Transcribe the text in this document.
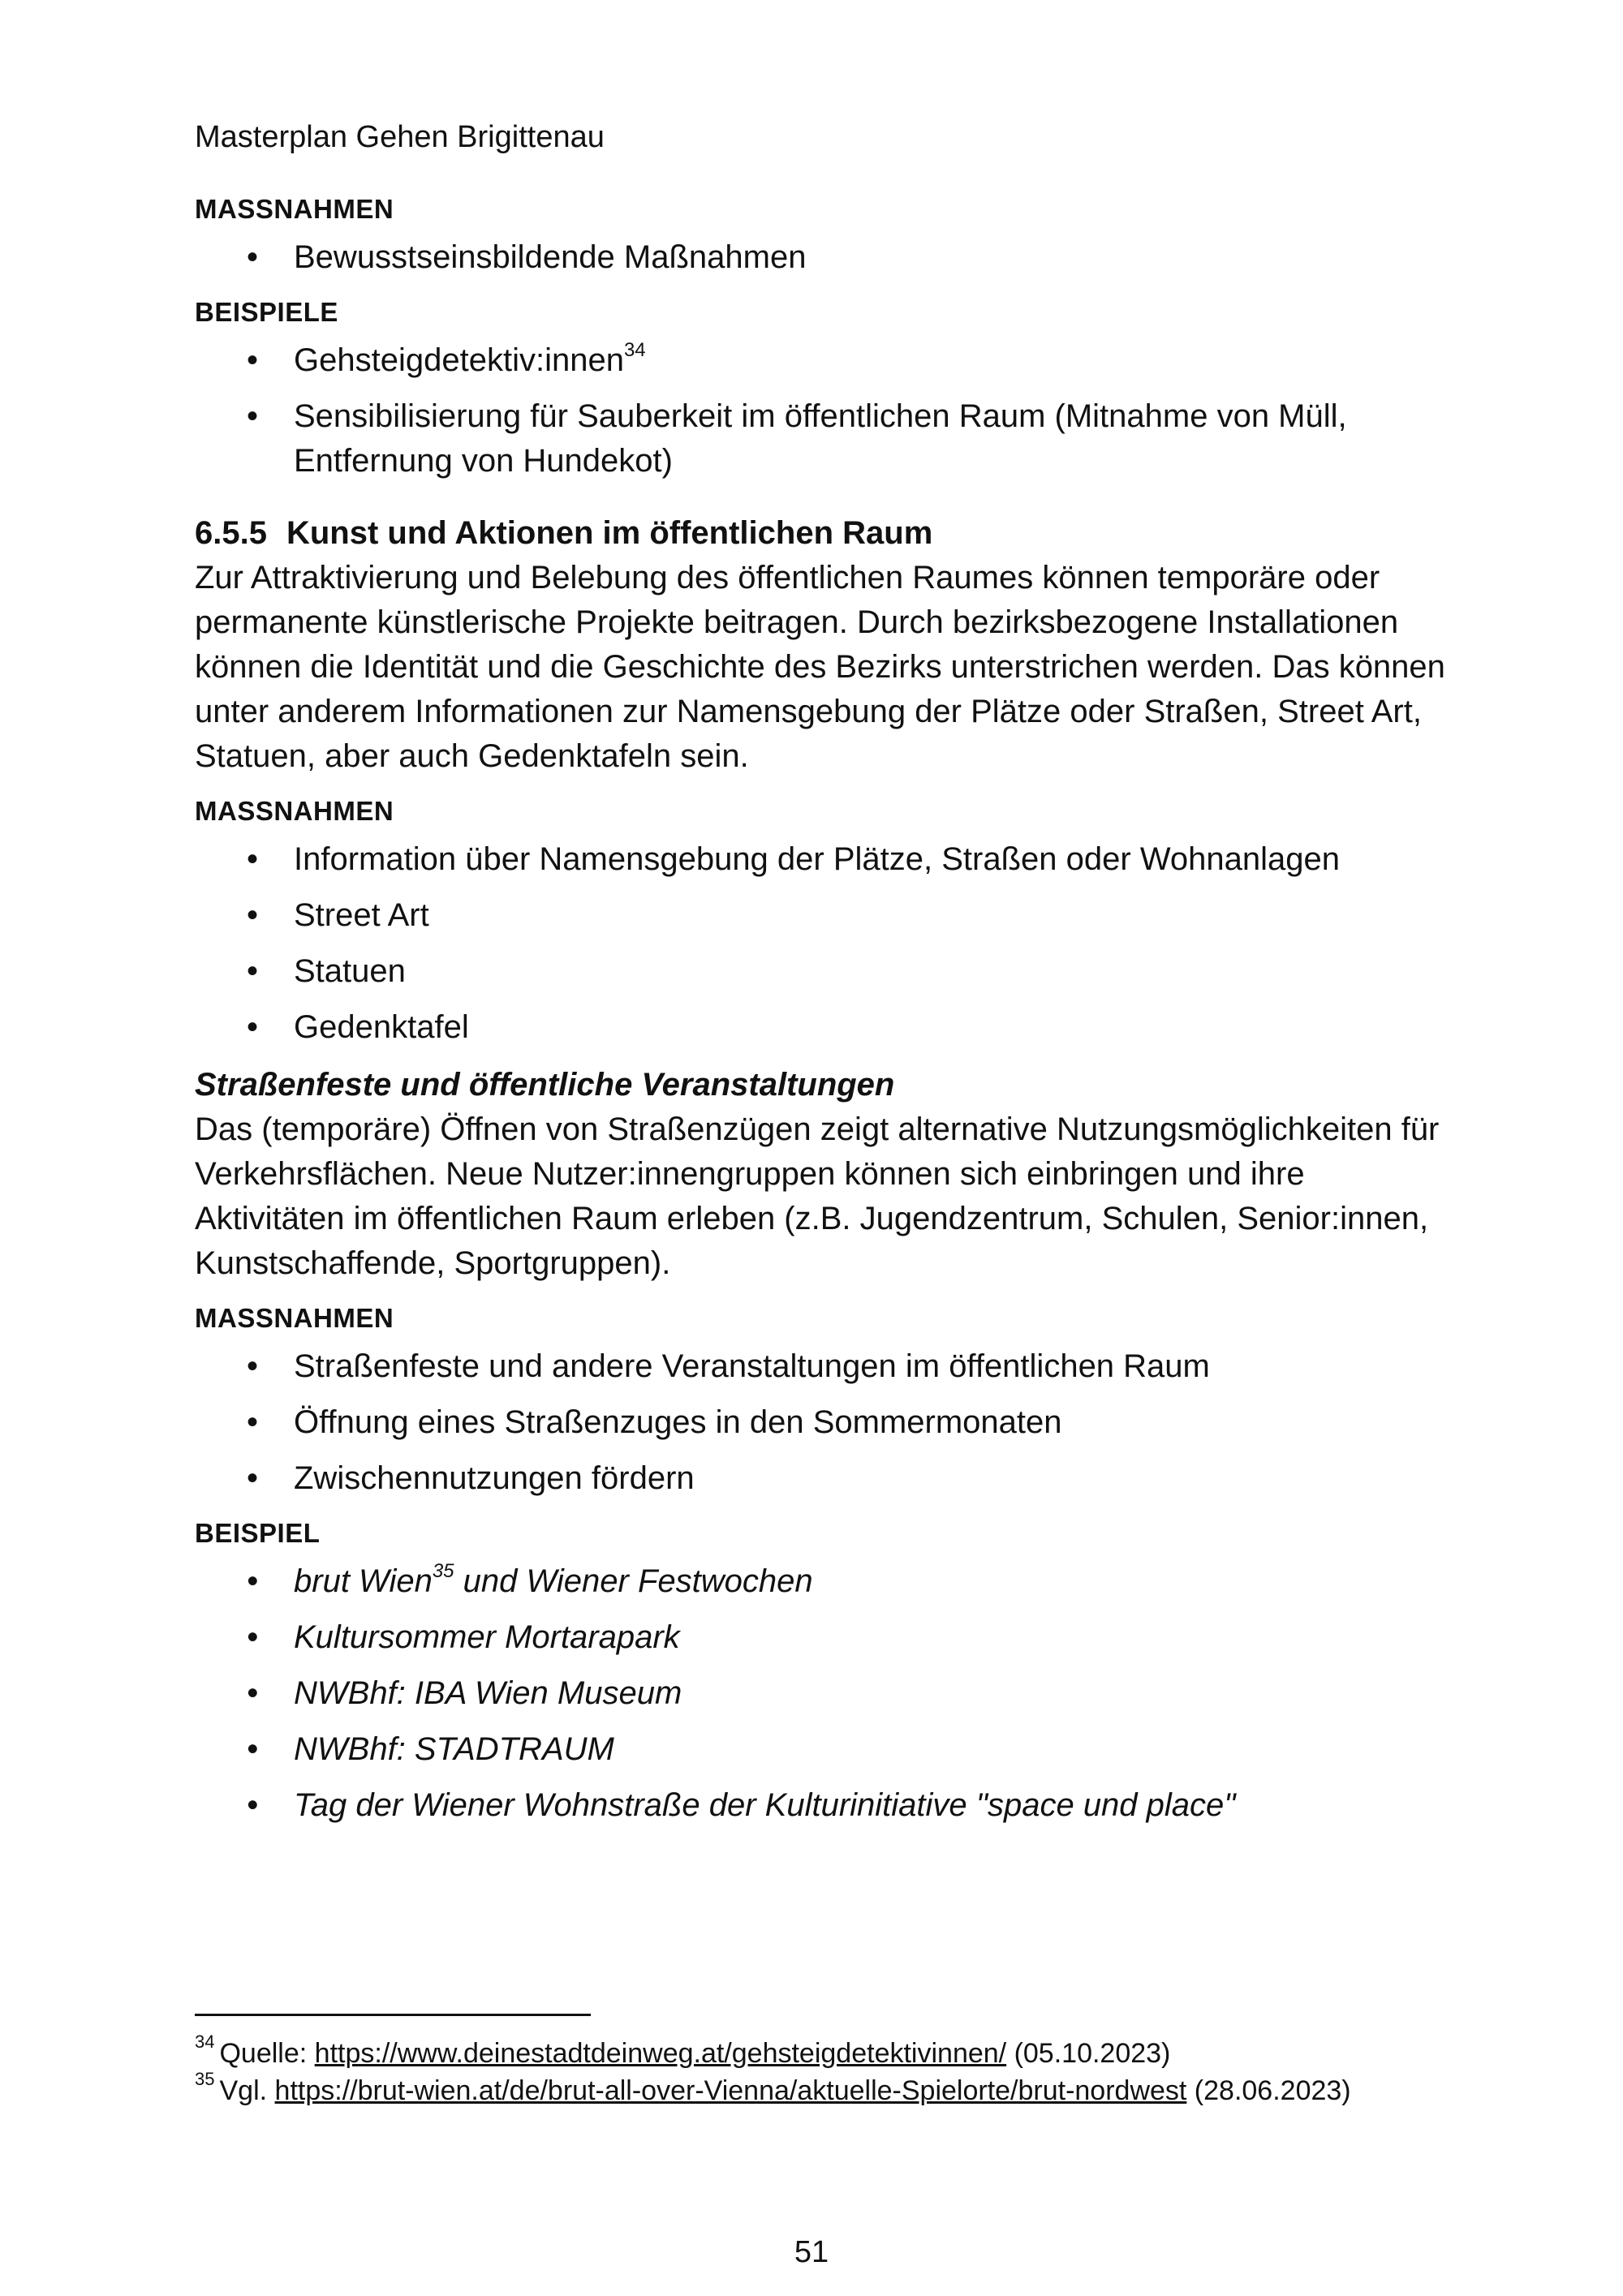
Masterplan Gehen Brigittenau
MASSNAHMEN
• Bewusstseinsbildende Maßnahmen
BEISPIELE
• Gehsteigdetektiv:innen$^{34}$
• Sensibilisierung für Sauberkeit im öffentlichen Raum (Mitnahme von Müll, Entfernung von Hundekot)
6.5.5 Kunst und Aktionen im öffentlichen Raum

Zur Attraktivierung und Belebung des öffentlichen Raumes können temporäre oder permanente künstlerische Projekte beitragen. Durch bezirksbezogene Installationen können die Identität und die Geschichte des Bezirks unterstrichen werden. Das können unter anderem Informationen zur Namensgebung der Plätze oder Straßen, Street Art, Statuen, aber auch Gedenktafeln sein.

MASSNAHMEN
• Information über Namensgebung der Plätze, Straßen oder Wohnanlagen
• Street Art
• Statuen
• Gedenktafel
Straßenfeste und öffentliche Veranstaltungen

Das (temporäre) Öffnen von Straßenzügen zeigt alternative Nutzungsmöglichkeiten für Verkehrsflächen. Neue Nutzer:innengruppen können sich einbringen und ihre Aktivitäten im öffentlichen Raum erleben (z.B. Jugendzentrum, Schulen, Senior:innen, Kunstschaffende, Sportgruppen).

MASSNAHMEN
• Straßenfeste und andere Veranstaltungen im öffentlichen Raum
• Öffnung eines Straßenzuges in den Sommermonaten
• Zwischennutzungen fördern
BEISPIEL
• brut Wien$^{35}$ und Wiener Festwochen
• Kultursommer Mortarapark
• NWBhf: IBA Wien Museum
• NWBhf: STADTRAUM
• Tag der Wiener Wohnstraße der Kulturinitiative "space und place"
$^{34}$ Quelle: https://www.deinestadtdeinweg.at/gehsteigdetektivinnen/ (05.10.2023)
$^{35}$ Vgl. https://brut-wien.at/de/brut-all-over-Vienna/aktuelle-Spielorte/brut-nordwest (28.06.2023)
51
